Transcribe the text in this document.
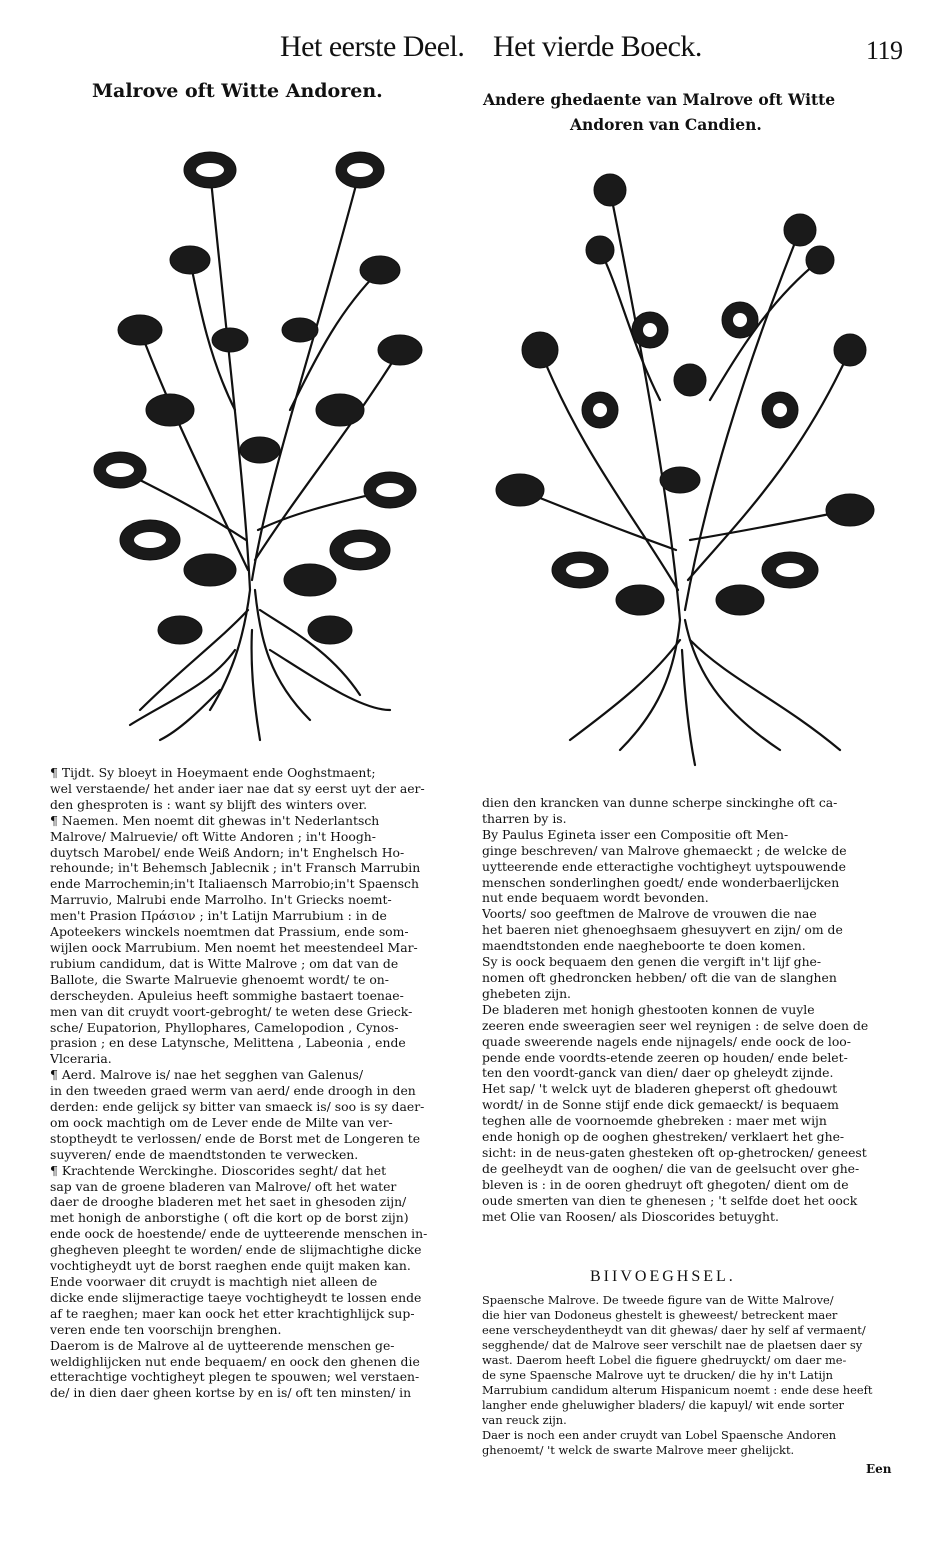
Het eerste Deel. Het vierde Boeck.	119
Malrove oft Witte Andoren.	Andere ghedaente van Malrove oft Witte
Andoren van Candien.

¶ Tijdt. Sy bloeyt in Hoeymaent ende Ooghstmaent;

wel verstaende/ het ander iaer nae dat sy eerst uyt der aer-

den ghesproten is : want sy blijft des winters over.

¶ Naemen. Men noemt dit ghewas in't Nederlantsch

Malrove/ Malruevie/ oft Witte Andoren ; in't Hoogh-

duytsch Marobel/ ende Weiß Andorn; in't Enghelsch Ho-

rehounde; in't Behemsch Jablecnik ; in't Fransch Marrubin

ende Marrochemin;in't Italiaensch Marrobio;in't Spaensch

Marruvio, Malrubi ende Marrolho. In't Griecks noemt-

men't Prasion Πράσιον ; in't Latijn Marrubium : in de

Apoteekers winckels noemtmen dat Prassium, ende som-

wijlen oock Marrubium. Men noemt het meestendeel Mar-

rubium candidum, dat is Witte Malrove ; om dat van de

Ballote, die Swarte Malruevie ghenoemt wordt/ te on-

derscheyden. Apuleius heeft sommighe bastaert toenae-

men van dit cruydt voort-gebroght/ te weten dese Grieck-

sche/ Eupatorion, Phyllophares, Camelopodion , Cynos-

prasion ; en dese Latynsche, Melittena , Labeonia , ende

Vlceraria.

¶ Aerd. Malrove is/ nae het segghen van Galenus/

in den tweeden graed werm van aerd/ ende droogh in den

derden: ende gelijck sy bitter van smaeck is/ soo is sy daer-

om oock machtigh om de Lever ende de Milte van ver-

stoptheydt te verlossen/ ende de Borst met de Longeren te

suyveren/ ende de maendtstonden te verwecken.

¶ Krachtende Werckinghe. Dioscorides seght/ dat het

sap van de groene bladeren van Malrove/ oft het water

daer de drooghe bladeren met het saet in ghesoden zijn/

met honigh de anborstighe ( oft die kort op de borst zijn)

ende oock de hoestende/ ende de uytteerende menschen in-

ghegheven pleeght te worden/ ende de slijmachtighe dicke

vochtigheydt uyt de borst raeghen ende quijt maken kan.

Ende voorwaer dit cruydt is machtigh niet alleen de

dicke ende slijmeractige taeye vochtigheydt te lossen ende

af te raeghen; maer kan oock het etter krachtighlijck sup-

veren ende ten voorschijn brenghen.

Daerom is de Malrove al de uytteerende menschen ge-

weldighlijcken nut ende bequaem/ en oock den ghenen die

etterachtige vochtigheyt plegen te spouwen; wel verstaen-

de/ in dien daer gheen kortse by en is/ oft ten minsten/ in

dien den krancken van dunne scherpe sinckinghe oft ca-

tharren by is.

By Paulus Egineta isser een Compositie oft Men-

ginge beschreven/ van Malrove ghemaeckt ; de welcke de

uytteerende ende etteractighe vochtigheyt uytspouwende

menschen sonderlinghen goedt/ ende wonderbaerlijcken

nut ende bequaem wordt bevonden.

Voorts/ soo geeftmen de Malrove de vrouwen die nae

het baeren niet ghenoeghsaem ghesuyvert en zijn/ om de

maendtstonden ende naegheboorte te doen komen.

Sy is oock bequaem den genen die vergift in't lijf ghe-

nomen oft ghedroncken hebben/ oft die van de slanghen

ghebeten zijn.

De bladeren met honigh ghestooten konnen de vuyle

zeeren ende sweeragien seer wel reynigen : de selve doen de

quade sweerende nagels ende nijnagels/ ende oock de loo-

pende ende voordts-etende zeeren op houden/ ende belet-

ten den voordt-ganck van dien/ daer op gheleydt zijnde.

Het sap/ 't welck uyt de bladeren gheperst oft ghedouwt

wordt/ in de Sonne stijf ende dick gemaeckt/ is bequaem

teghen alle de voornoemde ghebreken : maer met wijn

ende honigh op de ooghen ghestreken/ verklaert het ghe-

sicht: in de neus-gaten ghesteken oft op-ghetrocken/ geneest

de geelheydt van de ooghen/ die van de geelsucht over ghe-

bleven is : in de ooren ghedruyt oft ghegoten/ dient om de

oude smerten van dien te ghenesen ; 't selfde doet het oock

met Olie van Roosen/ als Dioscorides betuyght.

BIIVOEGHSEL.

Spaensche Malrove. De tweede figure van de Witte Malrove/

die hier van Dodoneus ghestelt is gheweest/ betreckent maer

eene verscheydentheydt van dit ghewas/ daer hy self af vermaent/

segghende/ dat de Malrove seer verschilt nae de plaetsen daer sy

wast. Daerom heeft Lobel die figuere ghedruyckt/ om daer me-

de syne Spaensche Malrove uyt te drucken/ die hy in't Latijn

Marrubium candidum alterum Hispanicum noemt : ende dese heeft

langher ende gheluwigher bladers/ die kapuyl/ wit ende sorter

van reuck zijn.

Daer is noch een ander cruydt van Lobel Spaensche Andoren

ghenoemt/ 't welck de swarte Malrove meer ghelijckt.

Een
